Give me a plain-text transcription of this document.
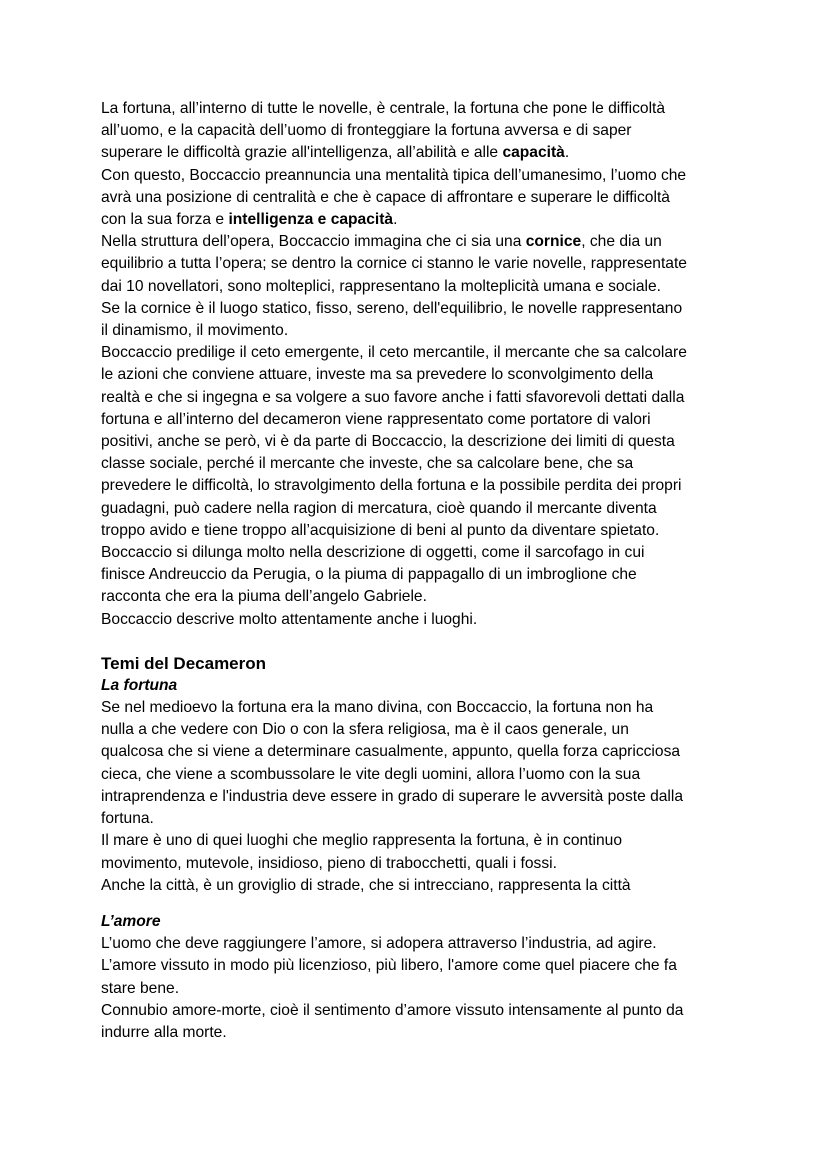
La fortuna, all’interno di tutte le novelle, è centrale, la fortuna che pone le difficoltà
all’uomo, e la capacità dell’uomo di fronteggiare la fortuna avversa e di saper
superare le difficoltà grazie all'intelligenza, all’abilità e alle capacità.
Con questo, Boccaccio preannuncia una mentalità tipica dell’umanesimo, l’uomo che
avrà una posizione di centralità e che è capace di affrontare e superare le difficoltà
con la sua forza e intelligenza e capacità.
Nella struttura dell’opera, Boccaccio immagina che ci sia una cornice, che dia un
equilibrio a tutta l’opera; se dentro la cornice ci stanno le varie novelle, rappresentate
dai 10 novellatori, sono molteplici, rappresentano la molteplicità umana e sociale.
Se la cornice è il luogo statico, fisso, sereno, dell'equilibrio, le novelle rappresentano
il dinamismo, il movimento.
Boccaccio predilige il ceto emergente, il ceto mercantile, il mercante che sa calcolare
le azioni che conviene attuare, investe ma sa prevedere lo sconvolgimento della
realtà e che si ingegna e sa volgere a suo favore anche i fatti sfavorevoli dettati dalla
fortuna e all’interno del decameron viene rappresentato come portatore di valori
positivi, anche se però, vi è da parte di Boccaccio, la descrizione dei limiti di questa
classe sociale, perché il mercante che investe, che sa calcolare bene, che sa
prevedere le difficoltà, lo stravolgimento della fortuna e la possibile perdita dei propri
guadagni, può cadere nella ragion di mercatura, cioè quando il mercante diventa
troppo avido e tiene troppo all’acquisizione di beni al punto da diventare spietato.
Boccaccio si dilunga molto nella descrizione di oggetti, come il sarcofago in cui
finisce Andreuccio da Perugia, o la piuma di pappagallo di un imbroglione che
racconta che era la piuma dell’angelo Gabriele.
Boccaccio descrive molto attentamente anche i luoghi.
Temi del Decameron
La fortuna
Se nel medioevo la fortuna era la mano divina, con Boccaccio, la fortuna non ha
nulla a che vedere con Dio o con la sfera religiosa, ma è il caos generale, un
qualcosa che si viene a determinare casualmente, appunto, quella forza capricciosa
cieca, che viene a scombussolare le vite degli uomini, allora l’uomo con la sua
intraprendenza e l'industria deve essere in grado di superare le avversità poste dalla
fortuna.
Il mare è uno di quei luoghi che meglio rappresenta la fortuna, è in continuo
movimento, mutevole, insidioso, pieno di trabocchetti, quali i fossi.
Anche la città, è un groviglio di strade, che si intrecciano, rappresenta la città
L’amore
L’uomo che deve raggiungere l’amore, si adopera attraverso l’industria, ad agire.
L’amore vissuto in modo più licenzioso, più libero, l'amore come quel piacere che fa
stare bene.
Connubio amore-morte, cioè il sentimento d’amore vissuto intensamente al punto da
indurre alla morte.
